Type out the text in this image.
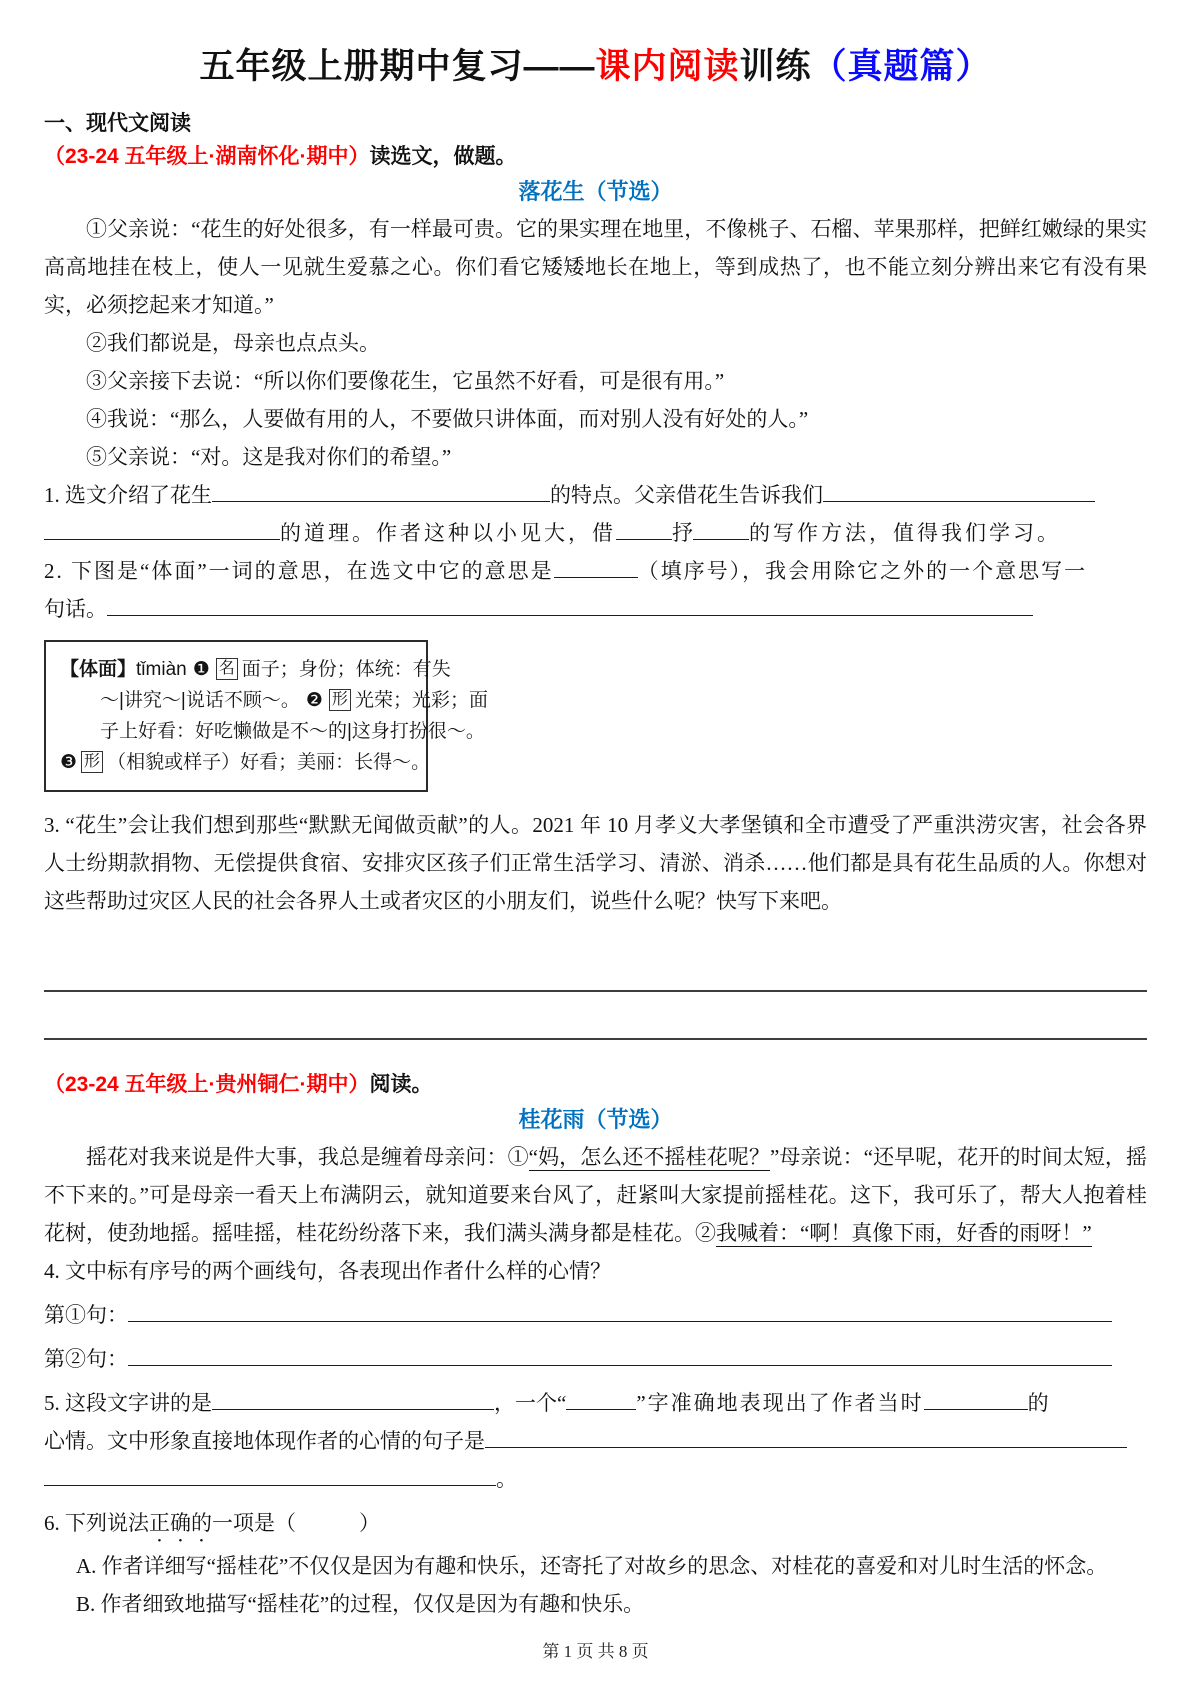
五年级上册期中复习——课内阅读训练（真题篇）
一、现代文阅读
（23-24 五年级上·湖南怀化·期中）读选文，做题。
落花生（节选）

①父亲说：“花生的好处很多，有一样最可贵。它的果实理在地里，不像桃子、石榴、苹果那样，把鲜红嫩绿的果实高高地挂在枝上，使人一见就生爱慕之心。你们看它矮矮地长在地上，等到成热了，也不能立刻分辨出来它有没有果实，必须挖起来才知道。”

②我们都说是，母亲也点点头。

③父亲接下去说：“所以你们要像花生，它虽然不好看，可是很有用。”

④我说：“那么，人要做有用的人，不要做只讲体面，而对别人没有好处的人。”

⑤父亲说：“对。这是我对你们的希望。”

1. 选文介绍了花生	的特点。父亲借花生告诉我们
的道理。作者这种以小见大，借	抒	的写作方法，值得我们学习。
2. 下图是“体面”一词的意思，在选文中它的意思是	（填序号），我会用除它之外的一个意思写一
句话。
【体面】tǐmiàn ❶ 名 面子；身份；体统：有失
～|讲究～|说话不顾～。 ❷ 形 光荣；光彩；面
子上好看：好吃懒做是不～的|这身打扮很～。
❸ 形 （相貌或样子）好看；美丽：长得～。

3. “花生”会让我们想到那些“默默无闻做贡献”的人。2021 年 10 月孝义大孝堡镇和全市遭受了严重洪涝灾害，社会各界人士纷期款捐物、无偿提供食宿、安排灾区孩子们正常生活学习、清淤、消杀……他们都是具有花生品质的人。你想对这些帮助过灾区人民的社会各界人土或者灾区的小朋友们，说些什么呢？快写下来吧。

（23-24 五年级上·贵州铜仁·期中）阅读。
桂花雨（节选）

摇花对我来说是件大事，我总是缠着母亲问：①“妈，怎么还不摇桂花呢？”母亲说：“还早呢，花开的时间太短，摇不下来的。”可是母亲一看天上布满阴云，就知道要来台风了，赶紧叫大家提前摇桂花。这下，我可乐了，帮大人抱着桂花树，使劲地摇。摇哇摇，桂花纷纷落下来，我们满头满身都是桂花。②我喊着：“啊！真像下雨，好香的雨呀！”

4. 文中标有序号的两个画线句，各表现出作者什么样的心情？

第①句：
第②句：
5. 这段文字讲的是	，一个“	”字准确地表现出了作者当时	的
心情。文中形象直接地体现作者的心情的句子是
。
6. 下列说法正确的一项是（　　　）

A. 作者详细写“摇桂花”不仅仅是因为有趣和快乐，还寄托了对故乡的思念、对桂花的喜爱和对儿时生活的怀念。

B. 作者细致地描写“摇桂花”的过程，仅仅是因为有趣和快乐。

第 1 页 共 8 页
